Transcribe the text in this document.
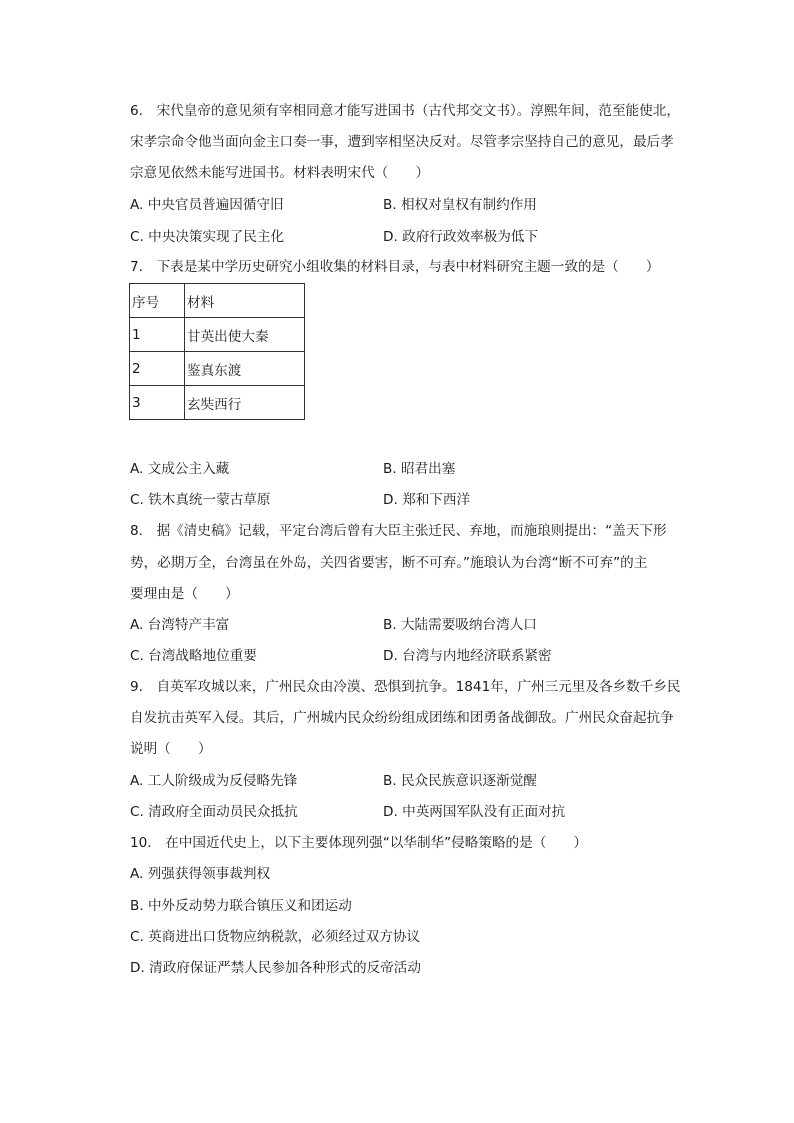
6.　宋代皇帝的意见须有宰相同意才能写进国书（古代邦交文书）。淳熙年间，范至能使北，
宋孝宗命令他当面向金主口奏一事，遭到宰相坚决反对。尽管孝宗坚持自己的意见，最后孝
宗意见依然未能写进国书。材料表明宋代（　　）
A. 中央官员普遍因循守旧	B. 相权对皇权有制约作用
C. 中央决策实现了民主化	D. 政府行政效率极为低下
7.　下表是某中学历史研究小组收集的材料目录，与表中材料研究主题一致的是（　　）
序号	材料
1	甘英出使大秦
2	鉴真东渡
3	玄奘西行
A. 文成公主入藏	B. 昭君出塞
C. 铁木真统一蒙古草原	D. 郑和下西洋
8.　据《清史稿》记载，平定台湾后曾有大臣主张迁民、弃地，而施琅则提出：“盖天下形
势，必期万全，台湾虽在外岛，关四省要害，断不可弃。”施琅认为台湾“断不可弃”的主
要理由是（　　）
A. 台湾特产丰富	B. 大陆需要吸纳台湾人口
C. 台湾战略地位重要	D. 台湾与内地经济联系紧密
9.　自英军攻城以来，广州民众由冷漠、恐惧到抗争。1841年，广州三元里及各乡数千乡民
自发抗击英军入侵。其后，广州城内民众纷纷组成团练和团勇备战御敌。广州民众奋起抗争
说明（　　）
A. 工人阶级成为反侵略先锋	B. 民众民族意识逐渐觉醒
C. 清政府全面动员民众抵抗	D. 中英两国军队没有正面对抗
10.　在中国近代史上，以下主要体现列强“以华制华”侵略策略的是（　　）
A. 列强获得领事裁判权
B. 中外反动势力联合镇压义和团运动
C. 英商进出口货物应纳税款，必须经过双方协议
D. 清政府保证严禁人民参加各种形式的反帝活动
